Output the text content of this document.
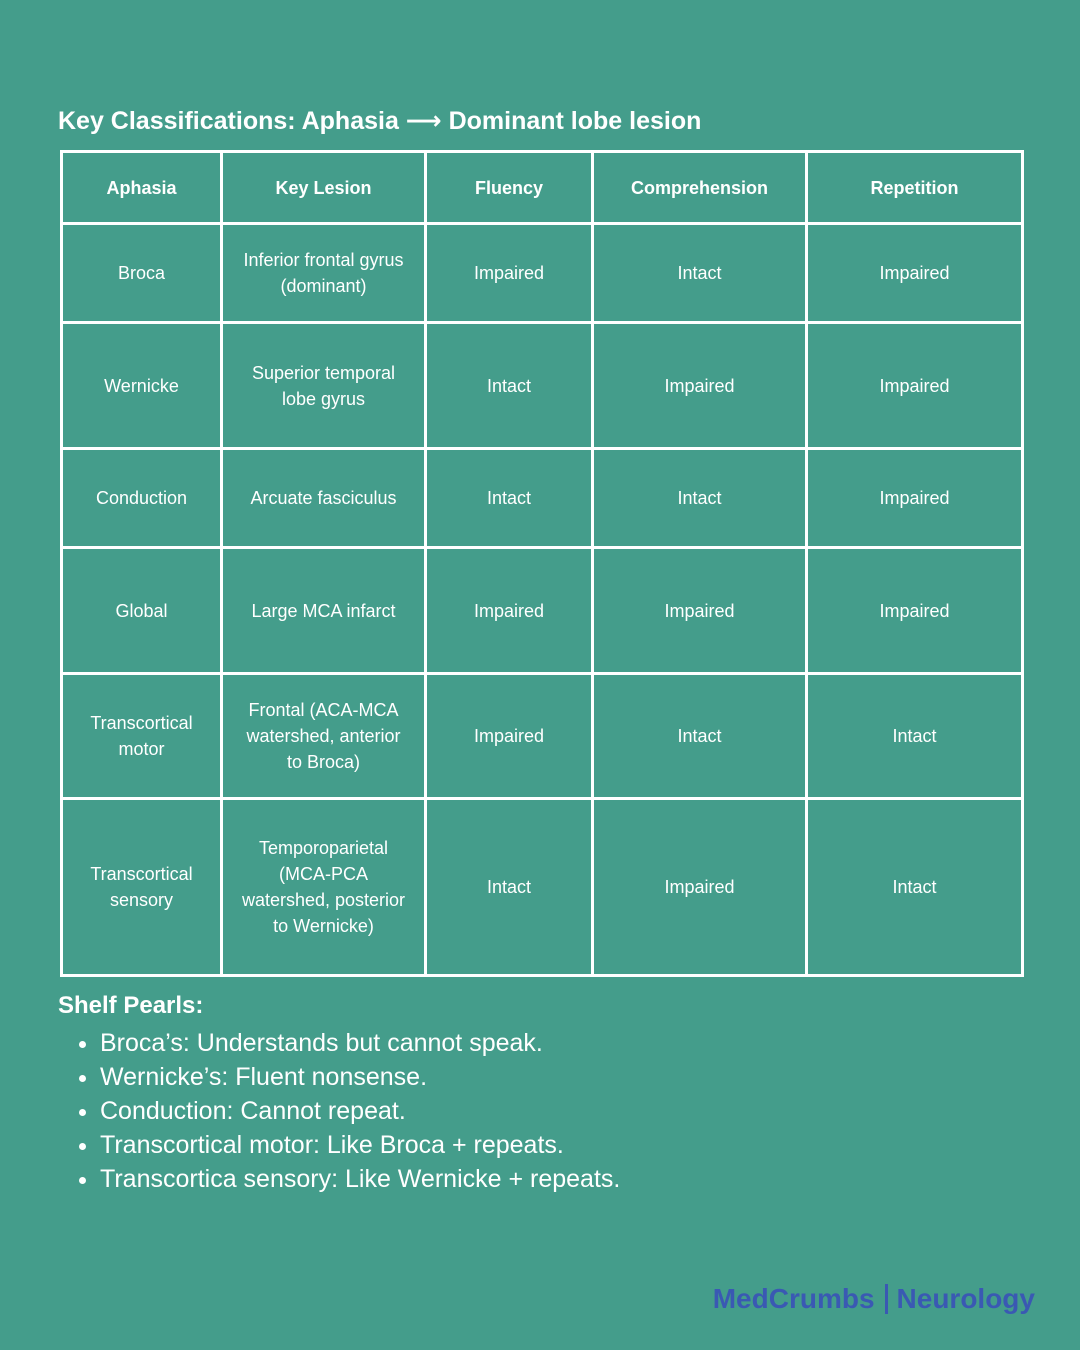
Key Classifications: Aphasia ⟶ Dominant lobe lesion
Aphasia	Key Lesion	Fluency	Comprehension	Repetition
Broca	Inferior frontal gyrus (dominant)	Impaired	Intact	Impaired
Wernicke	Superior temporal lobe gyrus	Intact	Impaired	Impaired
Conduction	Arcuate fasciculus	Intact	Intact	Impaired
Global	Large MCA infarct	Impaired	Impaired	Impaired
Transcortical motor	Frontal (ACA-MCA watershed, anterior to Broca)	Impaired	Intact	Intact
Transcortical sensory	Temporoparietal (MCA-PCA watershed, posterior to Wernicke)	Intact	Impaired	Intact
Shelf Pearls:
• Broca’s: Understands but cannot speak.
• Wernicke’s: Fluent nonsense.
• Conduction: Cannot repeat.
• Transcortical motor: Like Broca + repeats.
• Transcortica sensory: Like Wernicke + repeats.
MedCrumbs Neurology
